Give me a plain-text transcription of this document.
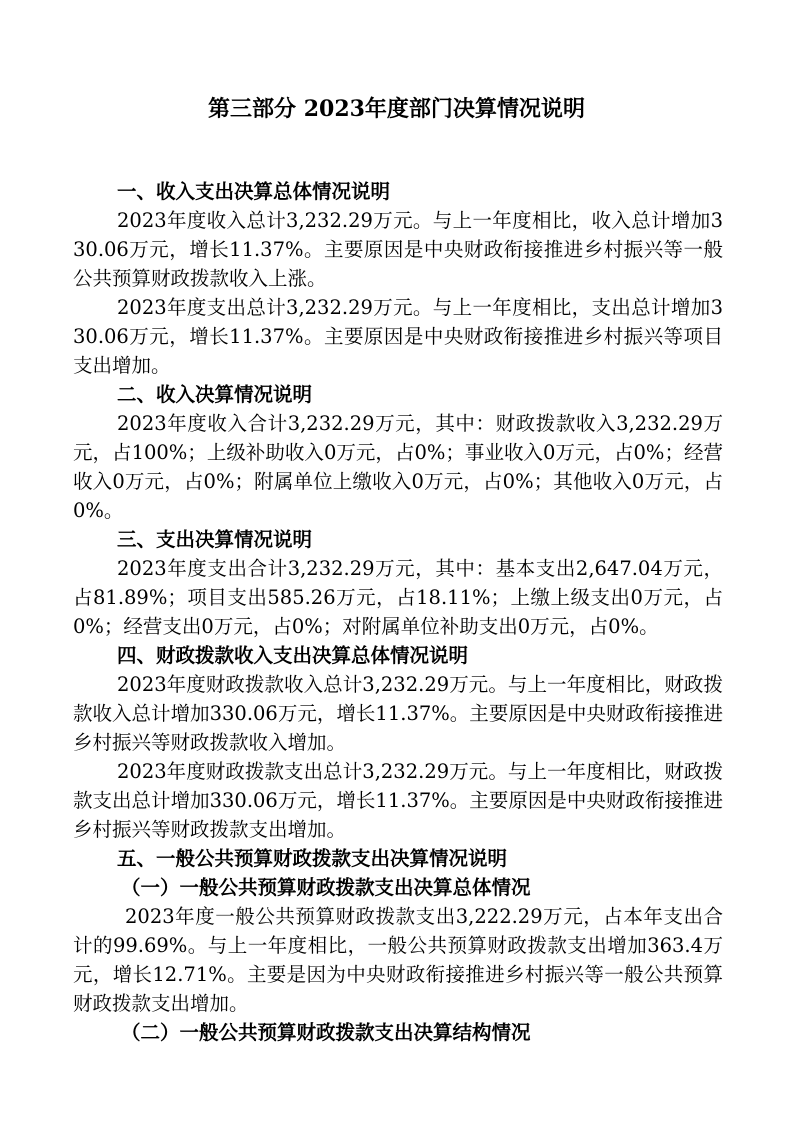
第三部分 2023年度部门决算情况说明
一、收入支出决算总体情况说明
2023年度收入总计3,232.29万元。与上一年度相比，收入总计增加330.06万元，增长11.37%。主要原因是中央财政衔接推进乡村振兴等一般公共预算财政拨款收入上涨。
2023年度支出总计3,232.29万元。与上一年度相比，支出总计增加330.06万元，增长11.37%。主要原因是中央财政衔接推进乡村振兴等项目支出增加。
二、收入决算情况说明
2023年度收入合计3,232.29万元，其中：财政拨款收入3,232.29万元，占100%；上级补助收入0万元，占0%；事业收入0万元，占0%；经营收入0万元，占0%；附属单位上缴收入0万元，占0%；其他收入0万元，占0%。
三、支出决算情况说明
2023年度支出合计3,232.29万元，其中：基本支出2,647.04万元，占81.89%；项目支出585.26万元，占18.11%；上缴上级支出0万元，占0%；经营支出0万元，占0%；对附属单位补助支出0万元，占0%。
四、财政拨款收入支出决算总体情况说明
2023年度财政拨款收入总计3,232.29万元。与上一年度相比，财政拨款收入总计增加330.06万元，增长11.37%。主要原因是中央财政衔接推进乡村振兴等财政拨款收入增加。
2023年度财政拨款支出总计3,232.29万元。与上一年度相比，财政拨款支出总计增加330.06万元，增长11.37%。主要原因是中央财政衔接推进乡村振兴等财政拨款支出增加。
五、一般公共预算财政拨款支出决算情况说明
（一）一般公共预算财政拨款支出决算总体情况
2023年度一般公共预算财政拨款支出3,222.29万元，占本年支出合计的99.69%。与上一年度相比，一般公共预算财政拨款支出增加363.4万元，增长12.71%。主要是因为中央财政衔接推进乡村振兴等一般公共预算财政拨款支出增加。
（二）一般公共预算财政拨款支出决算结构情况
